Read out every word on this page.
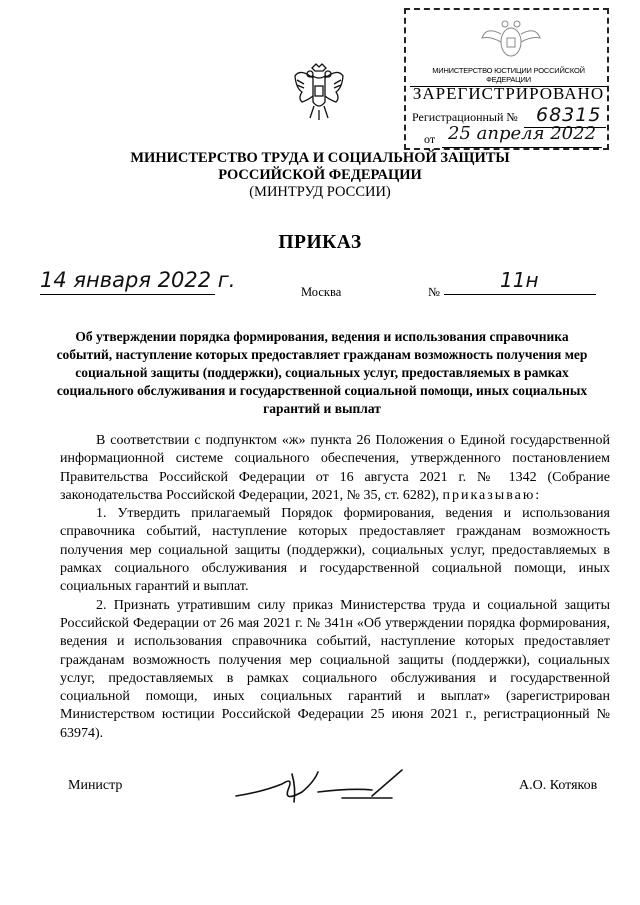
МИНИСТЕРСТВО ЮСТИЦИИ РОССИЙСКОЙ ФЕДЕРАЦИИ
ЗАРЕГИСТРИРОВАНО
Регистрационный № 68315
от 25 апреля 2022
МИНИСТЕРСТВО ТРУДА И СОЦИАЛЬНОЙ ЗАЩИТЫ
РОССИЙСКОЙ ФЕДЕРАЦИИ
(МИНТРУД РОССИИ)
ПРИКАЗ
14 января 2022 г.	Москва	№	11н
Об утверждении порядка формирования, ведения и использования справочника событий, наступление которых предоставляет гражданам возможность получения мер социальной защиты (поддержки), социальных услуг, предоставляемых в рамках социального обслуживания и государственной социальной помощи, иных социальных гарантий и выплат

В соответствии с подпунктом «ж» пункта 26 Положения о Единой государственной информационной системе социального обеспечения, утвержденного постановлением Правительства Российской Федерации от 16 августа 2021 г. № 1342 (Собрание законодательства Российской Федерации, 2021, № 35, ст. 6282), приказываю:

1. Утвердить прилагаемый Порядок формирования, ведения и использования справочника событий, наступление которых предоставляет гражданам возможность получения мер социальной защиты (поддержки), социальных услуг, предоставляемых в рамках социального обслуживания и государственной социальной помощи, иных социальных гарантий и выплат.

2. Признать утратившим силу приказ Министерства труда и социальной защиты Российской Федерации от 26 мая 2021 г. № 341н «Об утверждении порядка формирования, ведения и использования справочника событий, наступление которых предоставляет гражданам возможность получения мер социальной защиты (поддержки), социальных услуг, предоставляемых в рамках социального обслуживания и государственной социальной помощи, иных социальных гарантий и выплат» (зарегистрирован Министерством юстиции Российской Федерации 25 июня 2021 г., регистрационный № 63974).

Министр	А.О. Котяков
